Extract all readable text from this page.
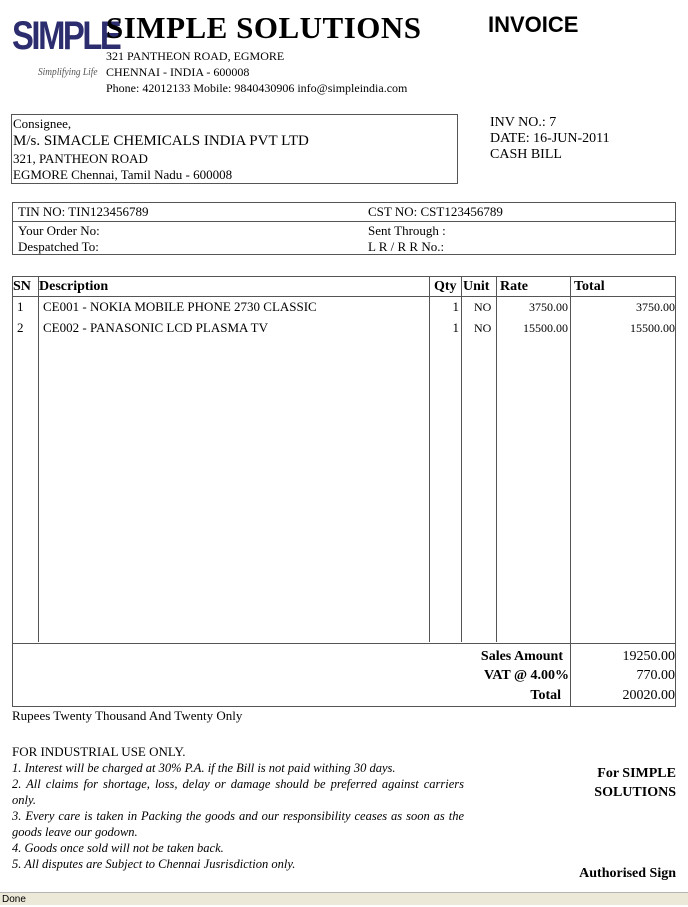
SIMPLE
Simplifying Life
SIMPLE SOLUTIONS
321 PANTHEON ROAD, EGMORE
CHENNAI - INDIA - 600008
Phone: 42012133 Mobile: 9840430906 info@simpleindia.com
INVOICE
Consignee,
M/s. SIMACLE CHEMICALS INDIA PVT LTD
321, PANTHEON ROAD
EGMORE Chennai, Tamil Nadu - 600008
INV NO.: 7
DATE: 16-JUN-2011
CASH BILL
TIN NO: TIN123456789	CST NO: CST123456789
Your Order No:	Sent Through :
Despatched To:	L R / R R No.:
SN Description	Qty Unit Rate	Total
1 CE001 - NOKIA MOBILE PHONE 2730 CLASSIC	1 NO	3750.00	3750.00
2 CE002 - PANASONIC LCD PLASMA TV	1 NO	15500.00	15500.00
Sales Amount	19250.00
VAT @ 4.00%	770.00
Total	20020.00
Rupees Twenty Thousand And Twenty Only
FOR INDUSTRIAL USE ONLY.
1. Interest will be charged at 30% P.A. if the Bill is not paid withing 30 days.
2. All claims for shortage, loss, delay or damage should be preferred against carriers only.
3. Every care is taken in Packing the goods and our responsibility ceases as soon as the goods leave our godown.
4. Goods once sold will not be taken back.
5. All disputes are Subject to Chennai Jusrisdiction only.
For SIMPLE
SOLUTIONS
Authorised Sign
Done
